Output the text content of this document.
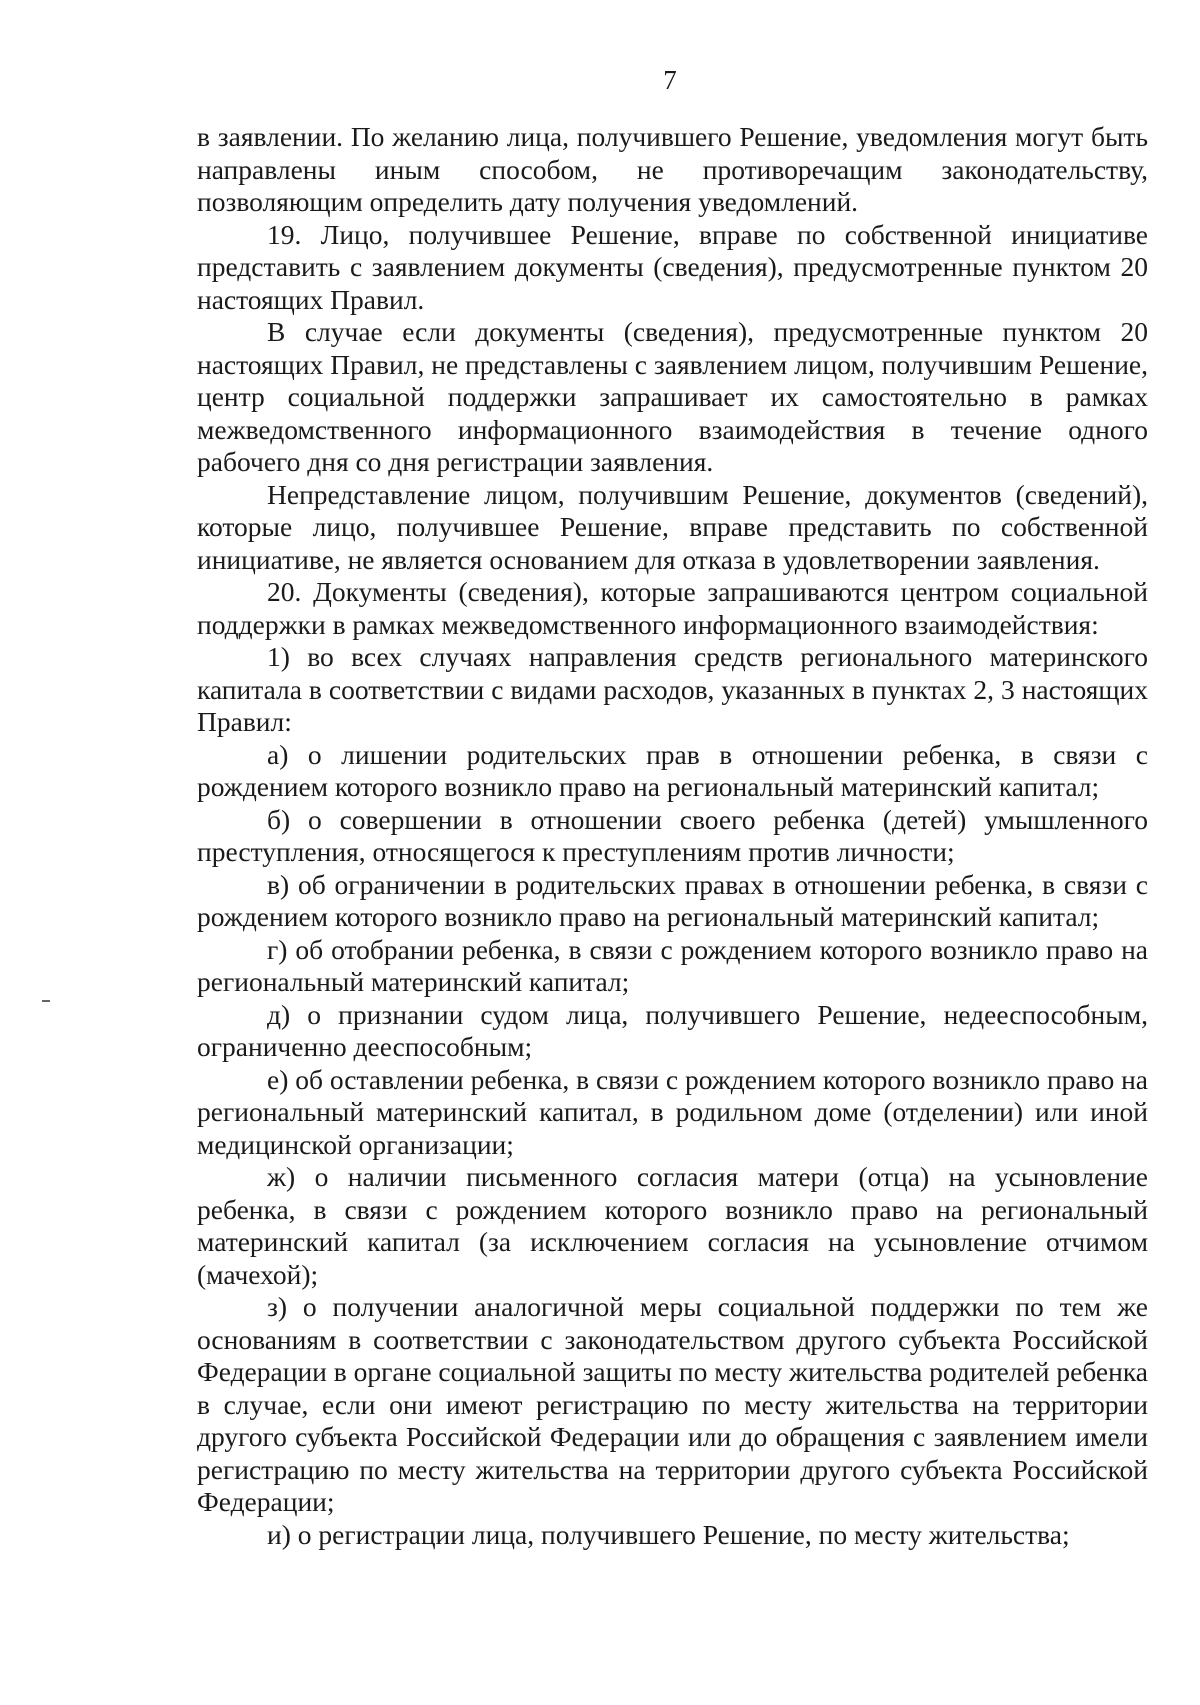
7

в заявлении. По желанию лица, получившего Решение, уведомления могут быть направлены иным способом, не противоречащим законодательству, позволяющим определить дату получения уведомлений.

19. Лицо, получившее Решение, вправе по собственной инициативе представить с заявлением документы (сведения), предусмотренные пунктом 20 настоящих Правил.

В случае если документы (сведения), предусмотренные пунктом 20 настоящих Правил, не представлены с заявлением лицом, получившим Решение, центр социальной поддержки запрашивает их самостоятельно в рамках межведомственного информационного взаимодействия в течение одного рабочего дня со дня регистрации заявления.

Непредставление лицом, получившим Решение, документов (сведений), которые лицо, получившее Решение, вправе представить по собственной инициативе, не является основанием для отказа в удовлетворении заявления.

20. Документы (сведения), которые запрашиваются центром социальной поддержки в рамках межведомственного информационного взаимодействия:

1) во всех случаях направления средств регионального материнского капитала в соответствии с видами расходов, указанных в пунктах 2, 3 настоящих Правил:

а) о лишении родительских прав в отношении ребенка, в связи с рождением которого возникло право на региональный материнский капитал;

б) о совершении в отношении своего ребенка (детей) умышленного преступления, относящегося к преступлениям против личности;

в) об ограничении в родительских правах в отношении ребенка, в связи с рождением которого возникло право на региональный материнский капитал;

г) об отобрании ребенка, в связи с рождением которого возникло право на региональный материнский капитал;

д) о признании судом лица, получившего Решение, недееспособным, ограниченно дееспособным;

е) об оставлении ребенка, в связи с рождением которого возникло право на региональный материнский капитал, в родильном доме (отделении) или иной медицинской организации;

ж) о наличии письменного согласия матери (отца) на усыновление ребенка, в связи с рождением которого возникло право на региональный материнский капитал (за исключением согласия на усыновление отчимом (мачехой);

з) о получении аналогичной меры социальной поддержки по тем же основаниям в соответствии с законодательством другого субъекта Российской Федерации в органе социальной защиты по месту жительства родителей ребенка в случае, если они имеют регистрацию по месту жительства на территории другого субъекта Российской Федерации или до обращения с заявлением имели регистрацию по месту жительства на территории другого субъекта Российской Федерации;

и) о регистрации лица, получившего Решение, по месту жительства;
